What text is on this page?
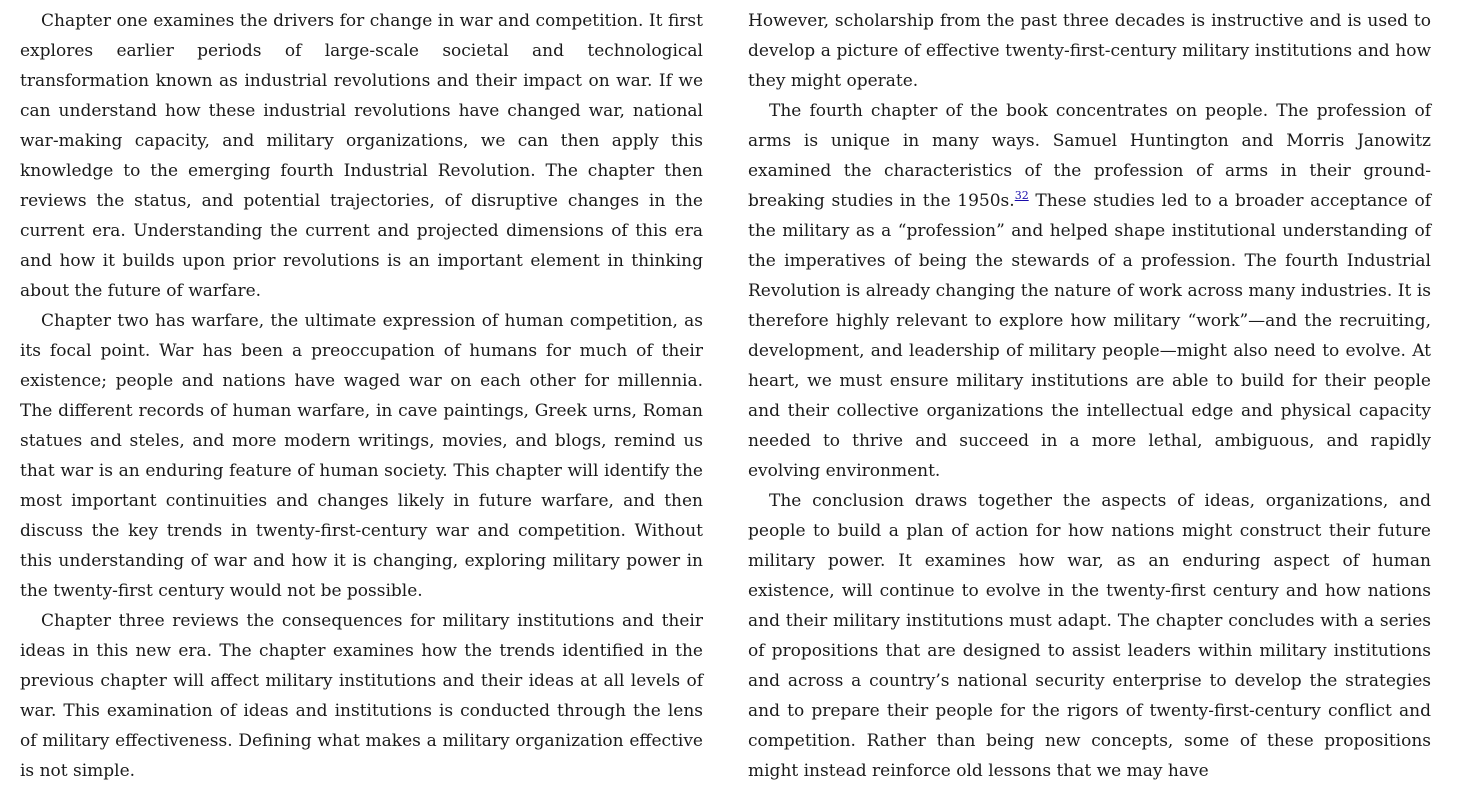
Chapter one examines the drivers for change in war and competition. It first explores earlier periods of large-scale societal and technological transformation known as industrial revolutions and their impact on war. If we can understand how these industrial revolutions have changed war, national war-making capacity, and military organizations, we can then apply this knowledge to the emerging fourth Industrial Revolution. The chapter then reviews the status, and potential trajectories, of disruptive changes in the current era. Understanding the current and projected dimensions of this era and how it builds upon prior revolutions is an important element in thinking about the future of warfare.

Chapter two has warfare, the ultimate expression of human competition, as its focal point. War has been a preoccupation of humans for much of their existence; people and nations have waged war on each other for millennia. The different records of human warfare, in cave paintings, Greek urns, Roman statues and steles, and more modern writings, movies, and blogs, remind us that war is an enduring feature of human society. This chapter will identify the most important continuities and changes likely in future warfare, and then discuss the key trends in twenty-first-century war and competition. Without this understanding of war and how it is changing, exploring military power in the twenty-first century would not be possible.

Chapter three reviews the consequences for military institutions and their ideas in this new era. The chapter examines how the trends identified in the previous chapter will affect military institutions and their ideas at all levels of war. This examination of ideas and institutions is conducted through the lens of military effectiveness. Defining what makes a military organization effective is not simple.

However, scholarship from the past three decades is instructive and is used to develop a picture of effective twenty-first-century military institutions and how they might operate.

The fourth chapter of the book concentrates on people. The profession of arms is unique in many ways. Samuel Huntington and Morris Janowitz examined the characteristics of the profession of arms in their ground-breaking studies in the 1950s.$^{32}$ These studies led to a broader acceptance of the military as a “profession” and helped shape institutional understanding of the imperatives of being the stewards of a profession. The fourth Industrial Revolution is already changing the nature of work across many industries. It is therefore highly relevant to explore how military “work”—and the recruiting, development, and leadership of military people—might also need to evolve. At heart, we must ensure military institutions are able to build for their people and their collective organizations the intellectual edge and physical capacity needed to thrive and succeed in a more lethal, ambiguous, and rapidly evolving environment.

The conclusion draws together the aspects of ideas, organizations, and people to build a plan of action for how nations might construct their future military power. It examines how war, as an enduring aspect of human existence, will continue to evolve in the twenty-first century and how nations and their military institutions must adapt. The chapter concludes with a series of propositions that are designed to assist leaders within military institutions and across a country’s national security enterprise to develop the strategies and to prepare their people for the rigors of twenty-first-century conflict and competition. Rather than being new concepts, some of these propositions might instead reinforce old lessons that we may have
